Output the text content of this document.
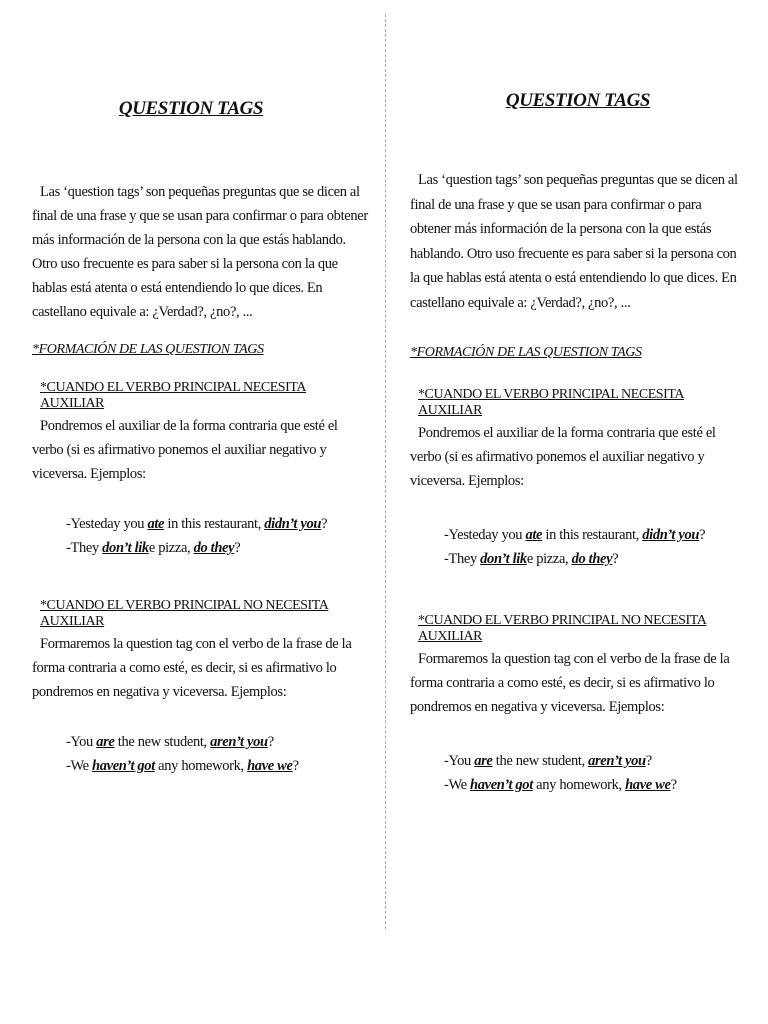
QUESTION TAGS

Las ‘question tags’ son pequeñas preguntas que se dicen al final de una frase y que se usan para confirmar o para obtener más información de la persona con la que estás hablando. Otro uso frecuente es para saber si la persona con la que hablas está atenta o está entendiendo lo que dices. En castellano equivale a: ¿Verdad?, ¿no?, ...

*FORMACIÓN DE LAS QUESTION TAGS

*CUANDO EL VERBO PRINCIPAL NECESITA AUXILIAR

Pondremos el auxiliar de la forma contraria que esté el verbo (si es afirmativo ponemos el auxiliar negativo y viceversa. Ejemplos:

-Yesteday you ate in this restaurant, didn’t you?
-They don’t like pizza, do they?

*CUANDO EL VERBO PRINCIPAL NO NECESITA AUXILIAR

Formaremos la question tag con el verbo de la frase de la forma contraria a como esté, es decir, si es afirmativo lo pondremos en negativa y viceversa. Ejemplos:

-You are the new student, aren’t you?
-We haven’t got any homework, have we?
QUESTION TAGS

Las ‘question tags’ son pequeñas preguntas que se dicen al final de una frase y que se usan para confirmar o para obtener más información de la persona con la que estás hablando. Otro uso frecuente es para saber si la persona con la que hablas está atenta o está entendiendo lo que dices. En castellano equivale a: ¿Verdad?, ¿no?, ...

*FORMACIÓN DE LAS QUESTION TAGS

*CUANDO EL VERBO PRINCIPAL NECESITA AUXILIAR

Pondremos el auxiliar de la forma contraria que esté el verbo (si es afirmativo ponemos el auxiliar negativo y viceversa. Ejemplos:

-Yesteday you ate in this restaurant, didn’t you?
-They don’t like pizza, do they?

*CUANDO EL VERBO PRINCIPAL NO NECESITA AUXILIAR

Formaremos la question tag con el verbo de la frase de la forma contraria a como esté, es decir, si es afirmativo lo pondremos en negativa y viceversa. Ejemplos:

-You are the new student, aren’t you?
-We haven’t got any homework, have we?
